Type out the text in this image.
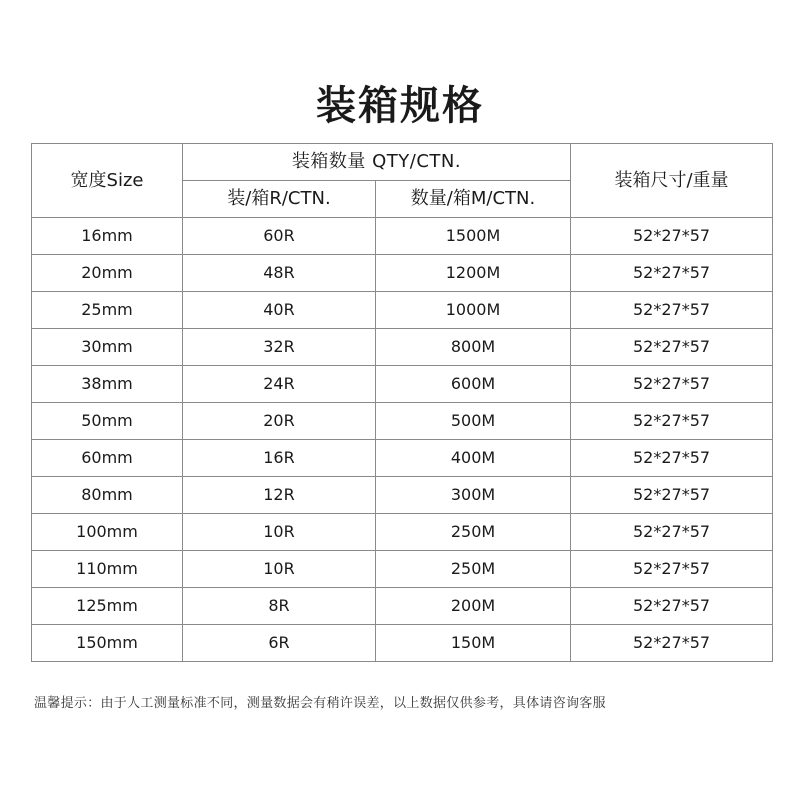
装箱规格
宽度Size	装箱数量 QTY/CTN.		装箱尺寸/重量
	装/箱R/CTN.	数量/箱M/CTN.	
16mm	60R	1500M	52*27*57
20mm	48R	1200M	52*27*57
25mm	40R	1000M	52*27*57
30mm	32R	800M	52*27*57
38mm	24R	600M	52*27*57
50mm	20R	500M	52*27*57
60mm	16R	400M	52*27*57
80mm	12R	300M	52*27*57
100mm	10R	250M	52*27*57
110mm	10R	250M	52*27*57
125mm	8R	200M	52*27*57
150mm	6R	150M	52*27*57
温馨提示：由于人工测量标准不同，测量数据会有稍许误差，以上数据仅供参考，具体请咨询客服
